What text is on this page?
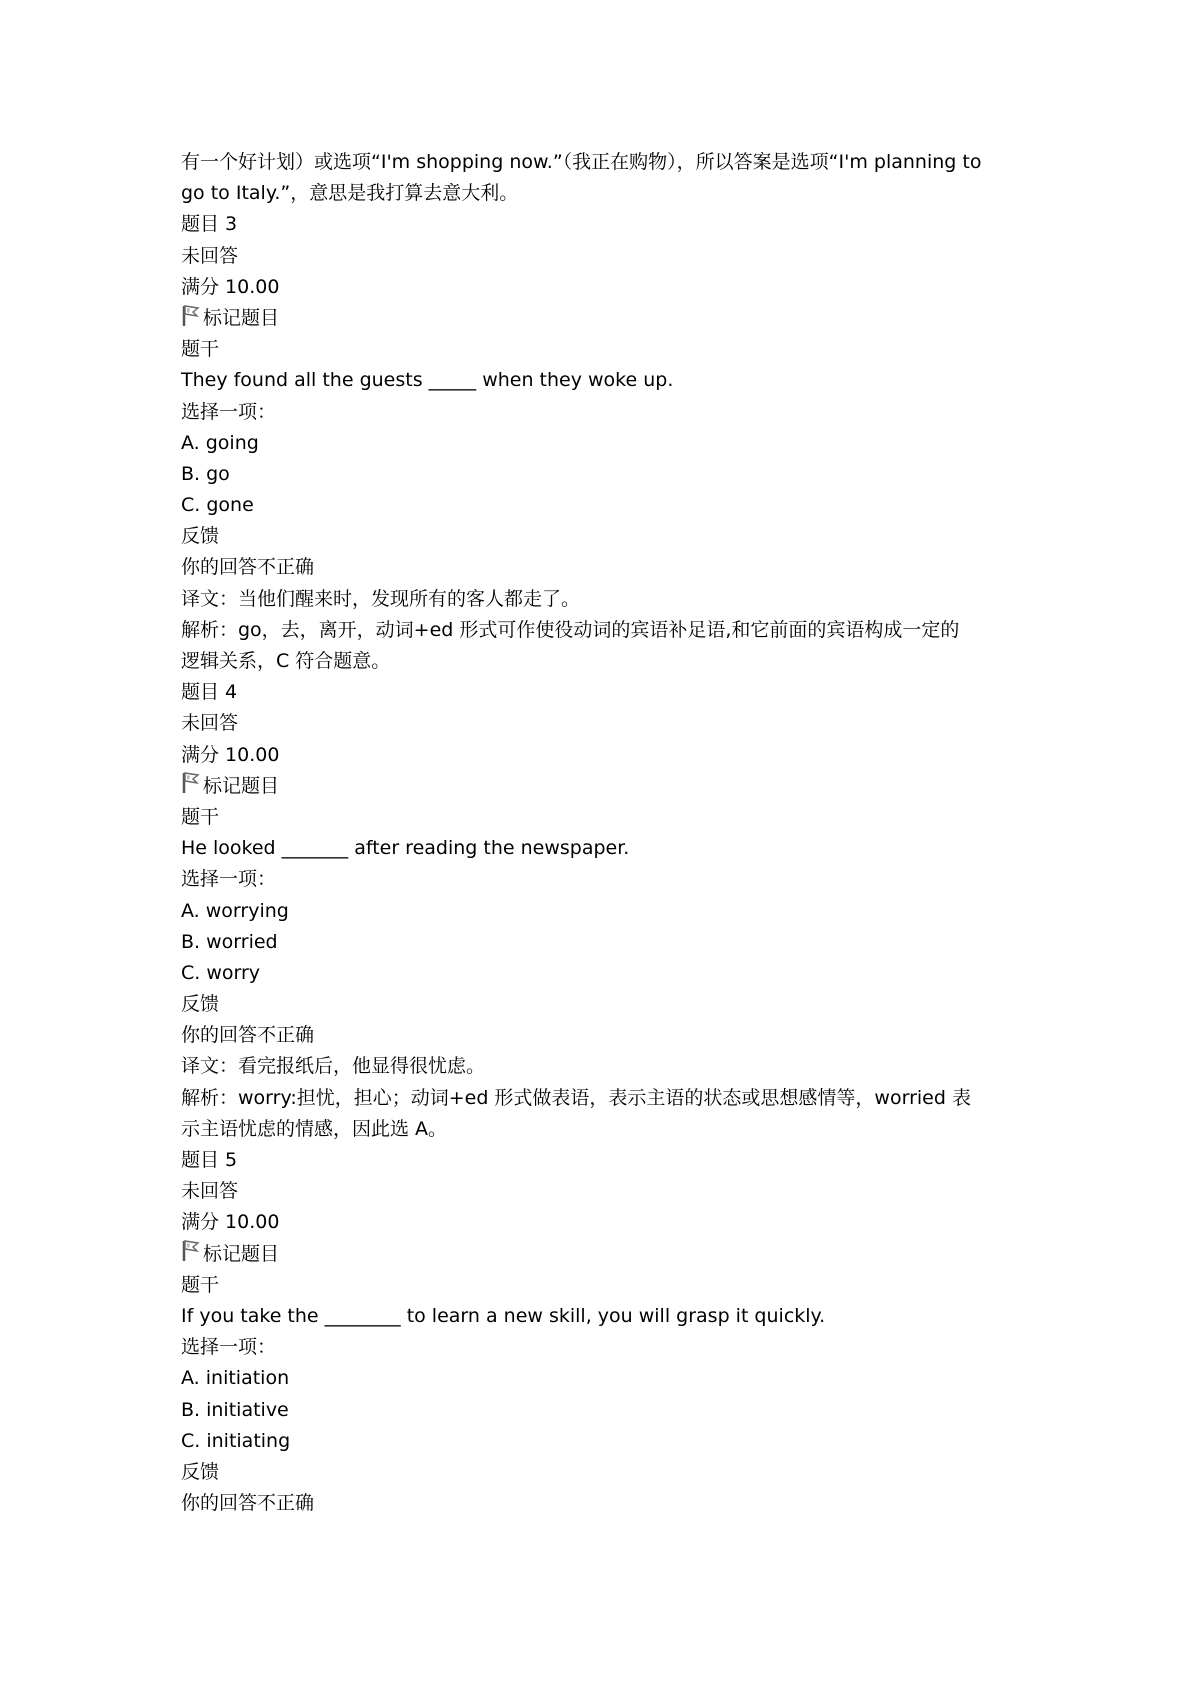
有一个好计划）或选项“I'm shopping now.”（我正在购物），所以答案是选项“I'm planning to
go to Italy.”，意思是我打算去意大利。
题目 3
未回答
满分 10.00
标记题目
题干
They found all the guests _____ when they woke up.
选择一项：
A. going
B. go
C. gone
反馈
你的回答不正确
译文：当他们醒来时，发现所有的客人都走了。
解析：go，去，离开，动词+ed 形式可作使役动词的宾语补足语,和它前面的宾语构成一定的
逻辑关系，C 符合题意。
题目 4
未回答
满分 10.00
标记题目
题干
He looked _______ after reading the newspaper.
选择一项：
A. worrying
B. worried
C. worry
反馈
你的回答不正确
译文：看完报纸后，他显得很忧虑。
解析：worry:担忧，担心；动词+ed 形式做表语，表示主语的状态或思想感情等，worried 表
示主语忧虑的情感，因此选 A。
题目 5
未回答
满分 10.00
标记题目
题干
If you take the ________ to learn a new skill, you will grasp it quickly.
选择一项：
A. initiation
B. initiative
C. initiating
反馈
你的回答不正确
